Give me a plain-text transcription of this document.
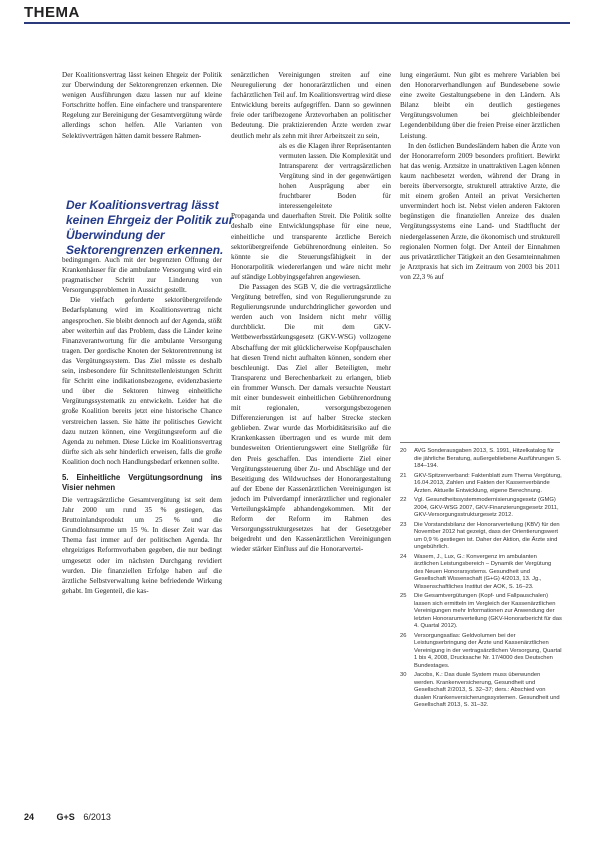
THEMA

Der Koalitionsvertrag lässt keinen Ehrgeiz der Politik zur Überwindung der Sektorengrenzen erkennen. Die wenigen Ausführungen dazu lassen nur auf kleine Fortschritte hoffen. Eine einfachere und transparentere Regelung zur Bereinigung der Gesamtvergütung würde allerdings schon helfen. Alle Varianten von Selektivverträgen hätten damit bessere Rahmen-

Der Koalitionsvertrag lässt keinen Ehrgeiz der Politik zur Überwindung der Sektorengrenzen erkennen.

bedingungen. Auch mit der begrenzten Öffnung der Krankenhäuser für die ambulante Versorgung wird ein pragmatischer Schritt zur Linderung von Versorgungsproblemen in Aussicht gestellt.

Die vielfach geforderte sektorübergreifende Bedarfsplanung wird im Koalitionsvertrag nicht angesprochen. Sie bleibt dennoch auf der Agenda, stößt aber weiterhin auf das Problem, dass die Länder keine Finanzverantwortung für die ambulante Versorgung tragen. Der gordische Knoten der Sektorentrennung ist das Vergütungssystem. Das Ziel müsste es deshalb sein, insbesondere für Schnittstellenleistungen Schritt für Schritt eine indikationsbezogene, evidenzbasierte und über die Sektoren hinweg einheitliche Vergütungssystematik zu entwickeln. Leider hat die große Koalition bereits jetzt eine historische Chance verstreichen lassen. Sie hätte ihr politisches Gewicht dazu nutzen können, eine Vergütungsreform auf die Agenda zu nehmen. Diese Lücke im Koalitionsvertrag dürfte sich als sehr hinderlich erweisen, falls die große Koalition doch noch Handlungsbedarf erkennen sollte.

5. Einheitliche Vergütungsordnung ins Visier nehmen

Die vertragsärztliche Gesamtvergütung ist seit dem Jahr 2000 um rund 35 % gestiegen, das Bruttoinlandsprodukt um 25 % und die Grundlohnsumme um 15 %. In dieser Zeit war das Thema fast immer auf der politischen Agenda. Ihr ehrgeiziges Reformvorhaben gegeben, die nur bedingt umgesetzt oder im nächsten Durchgang revidiert wurden. Die finanziellen Erfolge haben auf die ärztliche Selbstverwaltung keine befriedende Wirkung gehabt. Im Gegenteil, die kas-

senärztlichen Vereinigungen streiten auf eine Neuregulierung der honorarärztlichen und einen fachärztlichen Teil auf. Im Koalitionsvertrag wird diese Entwicklung bereits aufgegriffen. Dann so gewinnen freie oder tarifbezogene Ärztevorhaben an politischer Bedeutung. Die praktizierenden Ärzte werden zwar deutlich mehr als zehn mit ihrer Arbeitszeit zu sein,

als es die Klagen ihrer Repräsentanten vermuten lassen. Die Komplexität und Intransparenz der vertragsärztlichen Vergütung sind in der gegenwärtigen hohen Ausprägung aber ein fruchtbarer Boden für interessengeleitete

Propaganda und dauerhaften Streit. Die Politik sollte deshalb eine Entwicklungsphase für eine neue, einheitliche und transparente ärztliche Bereich sektorübergreifende Gebührenordnung einleiten. So könnte sie die Steuerungsfähigkeit in der Honorarpolitik wiedererlangen und wäre nicht mehr auf ständige Lobbyingsgefahren angewiesen.

Die Passagen des SGB V, die die vertragsärztliche Vergütung betreffen, sind von Regulierungsrunde zu Regulierungsrunde undurchdringlicher geworden und werden auch von Insidern nicht mehr völlig durchblickt. Die mit dem GKV-Wettbewerbsstärkungsgesetz (GKV-WSG) vollzogene Abschaffung der mit glücklicherweise Kopfpauschalen hat diesen Trend nicht aufhalten können, sondern eher beschleunigt. Das Ziel aller Beteiligten, mehr Transparenz und Berechenbarkeit zu erlangen, blieb ein frommer Wunsch. Der damals versuchte Neustart mit einer bundesweit einheitlichen Gebührenordnung mit regionalen, versorgungsbezogenen Differenzierungen ist auf halber Strecke stecken geblieben. Zwar wurde das Morbiditätsrisiko auf die Krankenkassen übertragen und es wurde mit dem bundesweiten Orientierungswert eine Stellgröße für den Preis geschaffen. Das intendierte Ziel einer Vergütungssteuerung über Zu- und Abschläge und der Beseitigung des Wildwuchses der Honorargestaltung auf der Ebene der Kassenärztlichen Vereinigungen ist jedoch im Pulverdampf innerärztlicher und regionaler Verteilungskämpfe abhandengekommen. Mit der Reform der Reform im Rahmen des Versorgungsstrukturgesetzes hat der Gesetzgeber beigedreht und den Kassenärztlichen Vereinigungen wieder stärker Einfluss auf die Honorarvertei-

lung eingeräumt. Nun gibt es mehrere Variablen bei den Honorarverhandlungen auf Bundesebene sowie eine zweite Gestaltungsebene in den Ländern. Als Bilanz bleibt ein deutlich gestiegenes Vergütungsvolumen bei gleichbleibender Legendenbildung über die freien Preise einer ärztlichen Leistung.

In den östlichen Bundesländern haben die Ärzte von der Honorarreform 2009 besonders profitiert. Bewirkt hat das wenig. Arztsitze in unattraktiven Lagen können kaum nachbesetzt werden, während der Drang in bereits überversorgte, strukturell attraktive Arzte, die mit einem großen Anteil an privat Versicherten unvermindert hoch ist. Nebst vielen anderen Faktoren begünstigen die finanziellen Anreize des dualen Vergütungssystems eine Land- und Stadtflucht der niedergelassenen Ärzte, die ökonomisch und strukturell regionalen Normen folgt. Der Anteil der Einnahmen aus privatärztlicher Tätigkeit an den Gesamteinnahmen je Arztpraxis hat sich im Zeitraum von 2003 bis 2011 von 22,3 % auf

20	AVG Sonderausgaben 2013, S. 1991, Hitzelkatalog für die jährliche Beratung, außergebliebene Ausführungen S. 184–194.
21	GKV-Spitzenverband: Faktenblatt zum Thema Vergütung, 16.04.2013, Zahlen und Fakten der Kassenverbände Ärzten. Aktuelle Entwicklung, eigene Berechnung.
22	Vgl. Gesundheitssystemmodernisierungsgesetz (GMG) 2004, GKV-WSG 2007, GKV-Finanzierungsgesetz 2011, GKV-Versorgungsstrukturgesetz 2012.
23	Die Vorstandsbilanz der Honorarverteilung (KBV) für den November 2012 hat gezeigt, dass der Orientierungswert um 0,9 % gestiegen ist. Daher der Aktion, die Ärzte sind ungebührlich.
24	Wasem, J., Lux, G.: Konvergenz im ambulanten ärztlichen Leistungsbereich – Dynamik der Vergütung des Neuen Honorarsystems. Gesundheit und Gesellschaft Wissenschaft (G+G) 4/2013, 13. Jg., Wissenschaftliches Institut der AOK, S. 16–23.
25	Die Gesamtvergütungen (Kopf- und Fallpauschalen) lassen sich ermitteln im Vergleich der Kassenärztlichen Vereinigungen mehr Informationen zur Anwendung der letzten Honorarumverteilung (GKV-Honorarbericht für das 4. Quartal 2012).
26	Versorgungsatlas: Geldvolumen bei der Leistungserbringung der Ärzte und Kassenärztlichen Vereinigung in der vertragsärztlichen Versorgung, Quartal 1 bis 4, 2008, Drucksache Nr. 17/4000 des Deutschen Bundestages.
30	Jacobs, K.: Das duale System muss überwunden werden. Krankenversicherung, Gesundheit und Gesellschaft 2/2013, S. 32–37; ders.: Abschied von dualen Krankenversicherungssystemen. Gesundheit und Gesellschaft 2013, S. 31–32.
24	G+S 6/2013
